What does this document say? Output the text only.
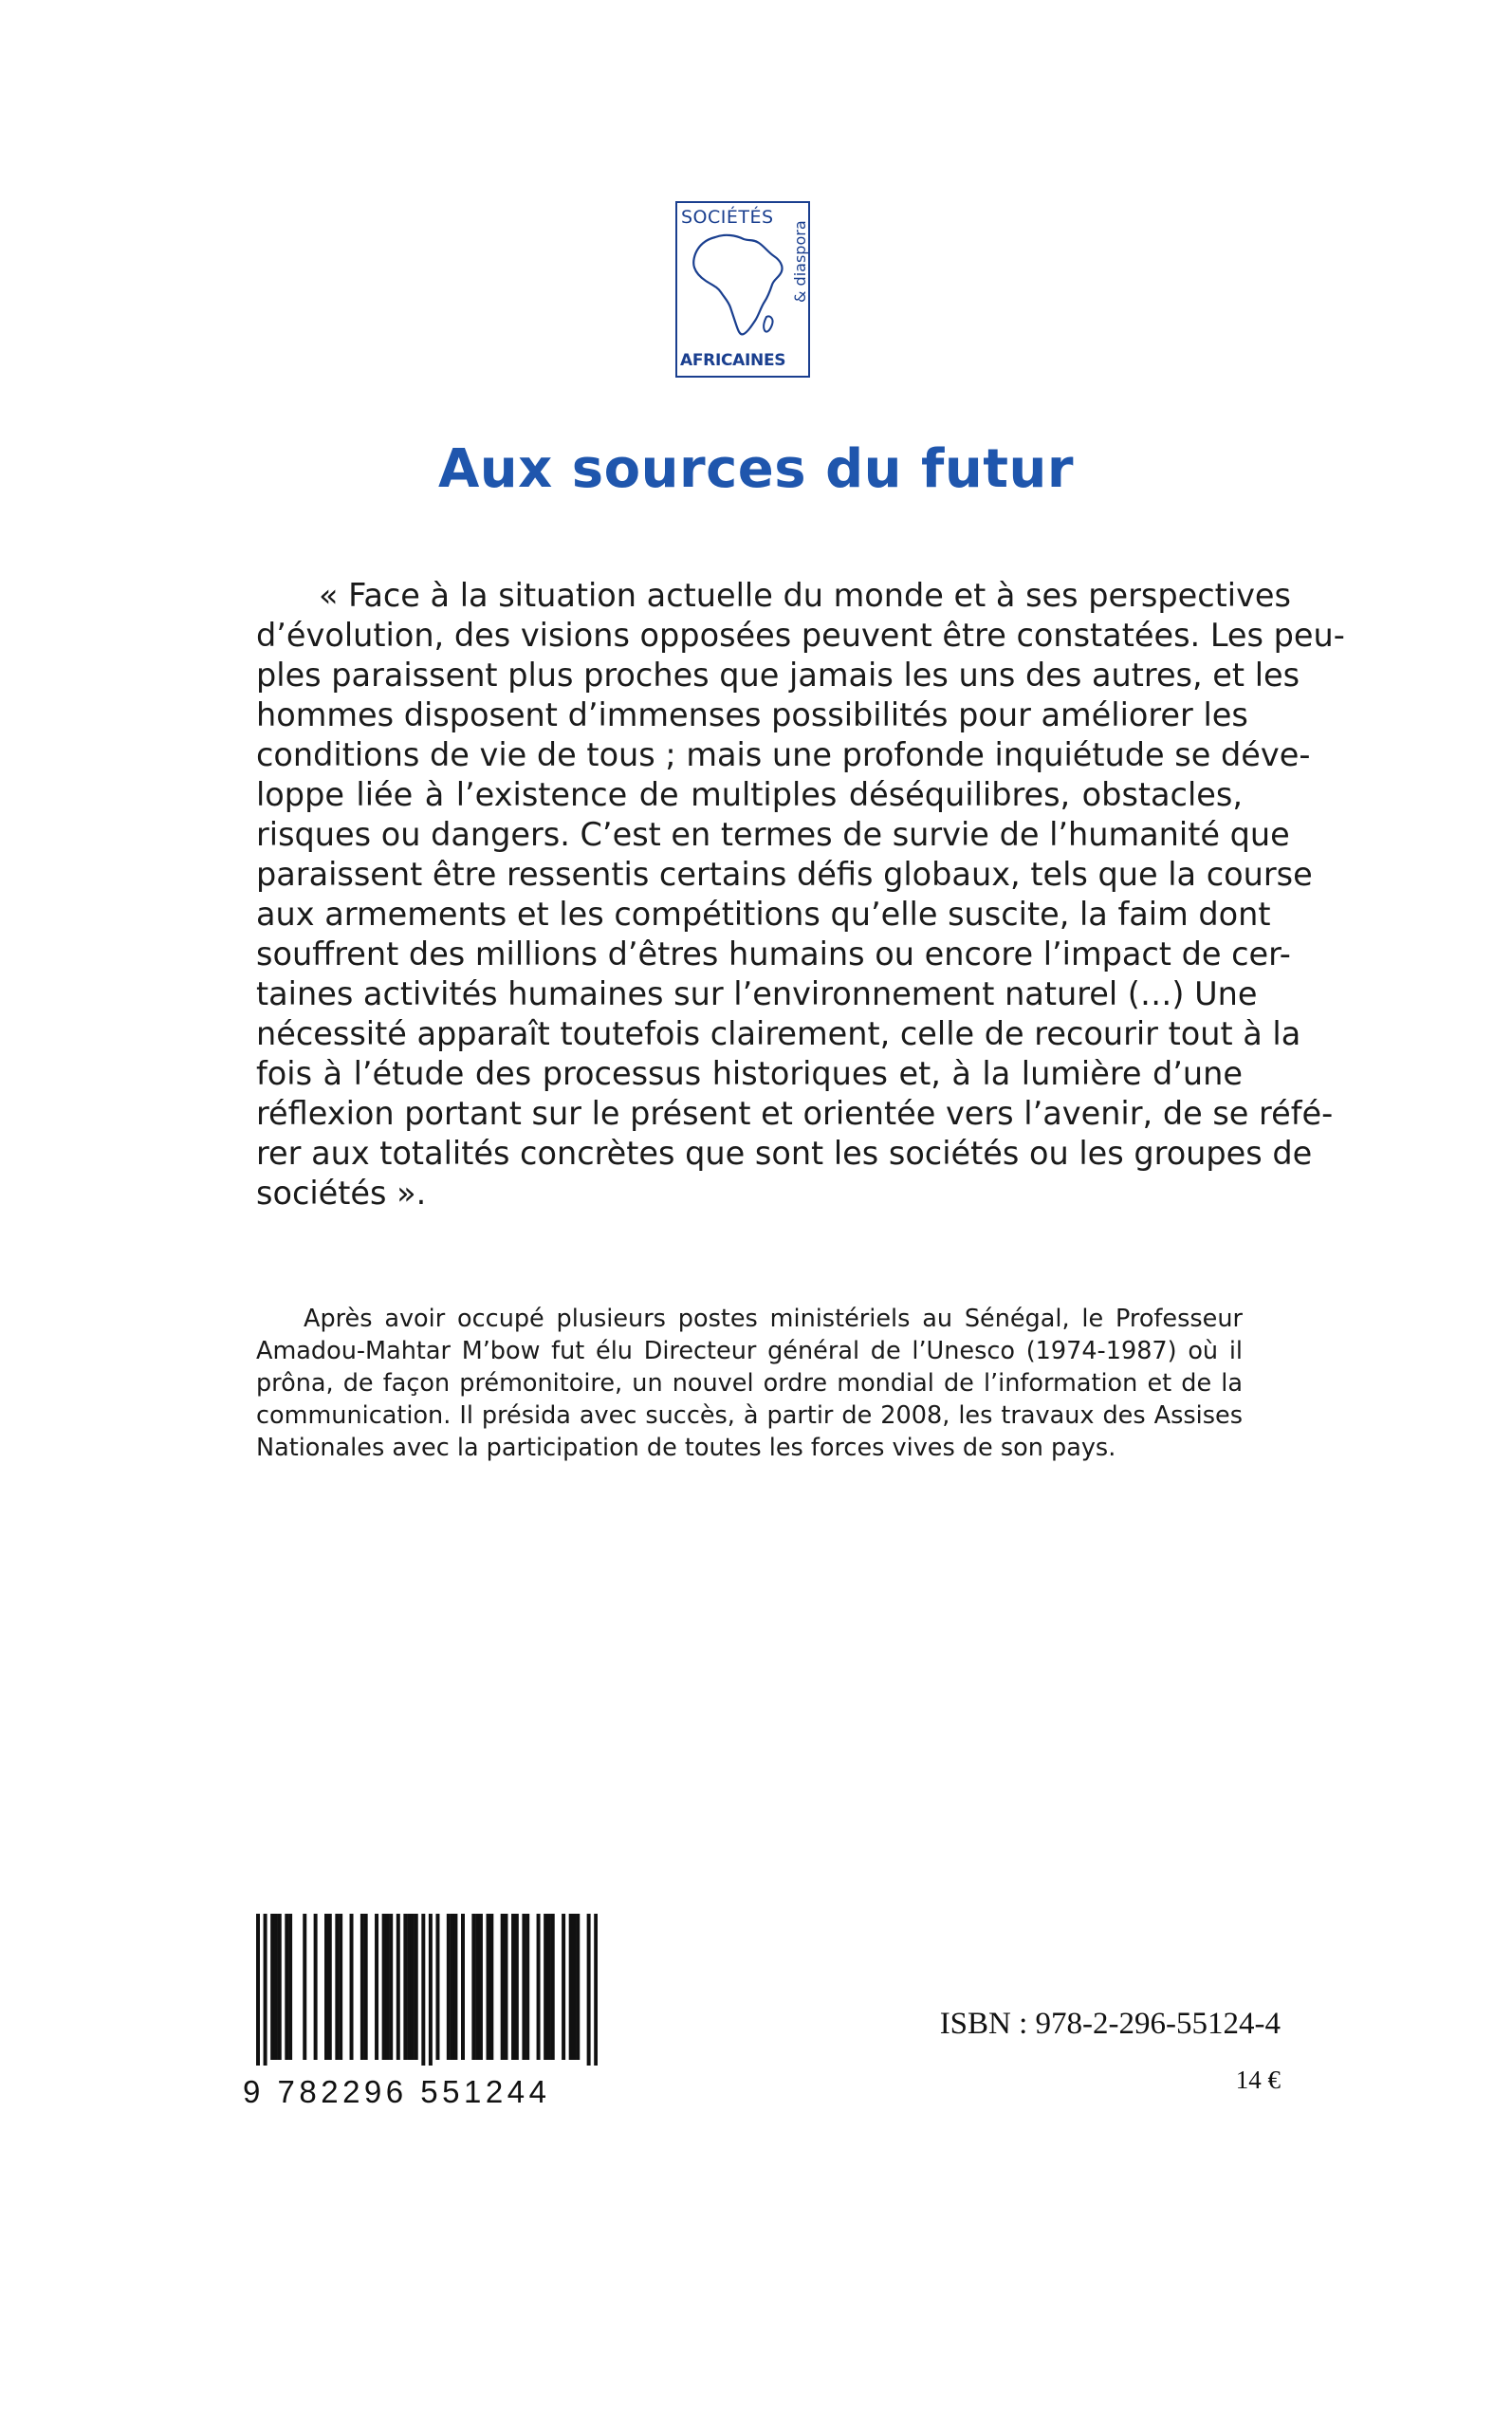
SOCIÉTÉS
AFRICAINES
& diaspora
Aux sources du futur
« Face à la situation actuelle du monde et à ses perspectives
d’évolution, des visions opposées peuvent être constatées. Les peu-
ples paraissent plus proches que jamais les uns des autres, et les
hommes disposent d’immenses possibilités pour améliorer les
conditions de vie de tous ; mais une profonde inquiétude se déve-
loppe liée à l’existence de multiples déséquilibres, obstacles,
risques ou dangers. C’est en termes de survie de l’humanité que
paraissent être ressentis certains défis globaux, tels que la course
aux armements et les compétitions qu’elle suscite, la faim dont
souffrent des millions d’êtres humains ou encore l’impact de cer-
taines activités humaines sur l’environnement naturel (…) Une
nécessité apparaît toutefois clairement, celle de recourir tout à la
fois à l’étude des processus historiques et, à la lumière d’une
réflexion portant sur le présent et orientée vers l’avenir, de se réfé-
rer aux totalités concrètes que sont les sociétés ou les groupes de
sociétés ».
Après avoir occupé plusieurs postes ministériels au Sénégal, le Professeur
Amadou-Mahtar M’bow fut élu Directeur général de l’Unesco (1974-1987) où il
prôna, de façon prémonitoire, un nouvel ordre mondial de l’information et de la
communication. Il présida avec succès, à partir de 2008, les travaux des Assises
Nationales avec la participation de toutes les forces vives de son pays.
9 782296 551244
ISBN : 978-2-296-55124-4
14 €
